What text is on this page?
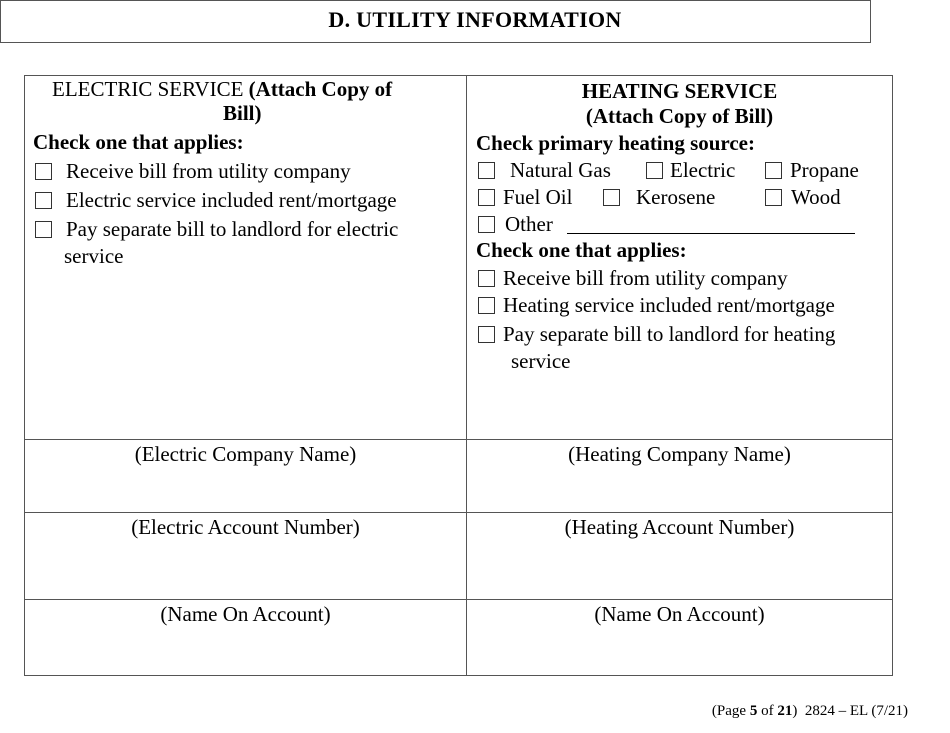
D. UTILITY INFORMATION
ELECTRIC SERVICE (Attach Copy of
Bill)
Check one that applies:
Receive bill from utility company
Electric service included rent/mortgage
Pay separate bill to landlord for electric
service
HEATING SERVICE
(Attach Copy of Bill)
Check primary heating source:
Natural Gas	Electric	Propane
Fuel Oil	Kerosene	Wood
Other
Check one that applies:
Receive bill from utility company
Heating service included rent/mortgage
Pay separate bill to landlord for heating
service
(Electric Company Name)	(Heating Company Name)
(Electric Account Number)	(Heating Account Number)
(Name On Account)	(Name On Account)
(Page 5 of 21) 2824 – EL (7/21)
